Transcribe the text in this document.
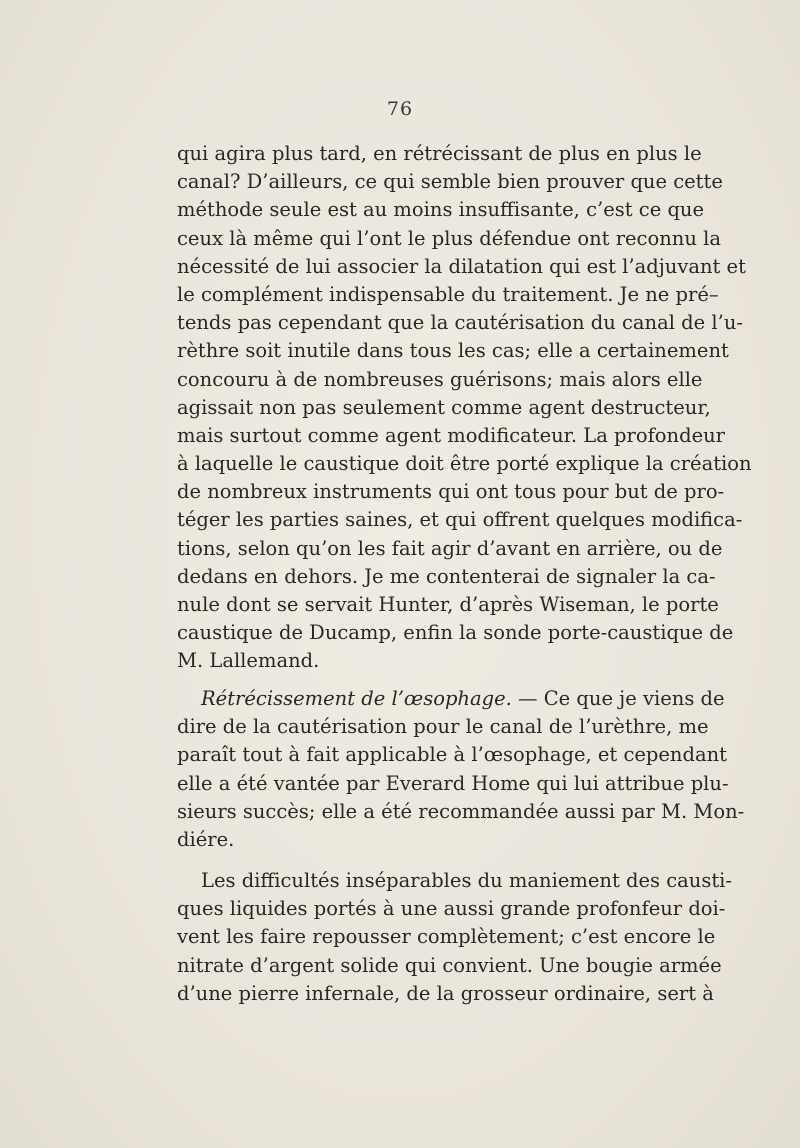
76
qui agira plus tard, en rétrécissant de plus en plus le
canal? D’ailleurs, ce qui semble bien prouver que cette
méthode seule est au moins insuffisante, c’est ce que
ceux là même qui l’ont le plus défendue ont reconnu la
nécessité de lui associer la dilatation qui est l’adjuvant et
le complément indispensable du traitement. Je ne pré–
tends pas cependant que la cautérisation du canal de l’u-
rèthre soit inutile dans tous les cas; elle a certainement
concouru à de nombreuses guérisons; mais alors elle
agissait non pas seulement comme agent destructeur,
mais surtout comme agent modificateur. La profondeur
à laquelle le caustique doit être porté explique la création
de nombreux instruments qui ont tous pour but de pro-
téger les parties saines, et qui offrent quelques modifica-
tions, selon qu’on les fait agir d’avant en arrière, ou de
dedans en dehors. Je me contenterai de signaler la ca-
nule dont se servait Hunter, d’après Wiseman, le porte
caustique de Ducamp, enfin la sonde porte-caustique de
M. Lallemand.
Rétrécissement de l’œsophage. — Ce que je viens de
dire de la cautérisation pour le canal de l’urèthre, me
paraît tout à fait applicable à l’œsophage, et cependant
elle a été vantée par Everard Home qui lui attribue plu-
sieurs succès; elle a été recommandée aussi par M. Mon-
diére.
Les difficultés inséparables du maniement des causti-
ques liquides portés à une aussi grande profonfeur doi-
vent les faire repousser complètement; c’est encore le
nitrate d’argent solide qui convient. Une bougie armée
d’une pierre infernale, de la grosseur ordinaire, sert à
